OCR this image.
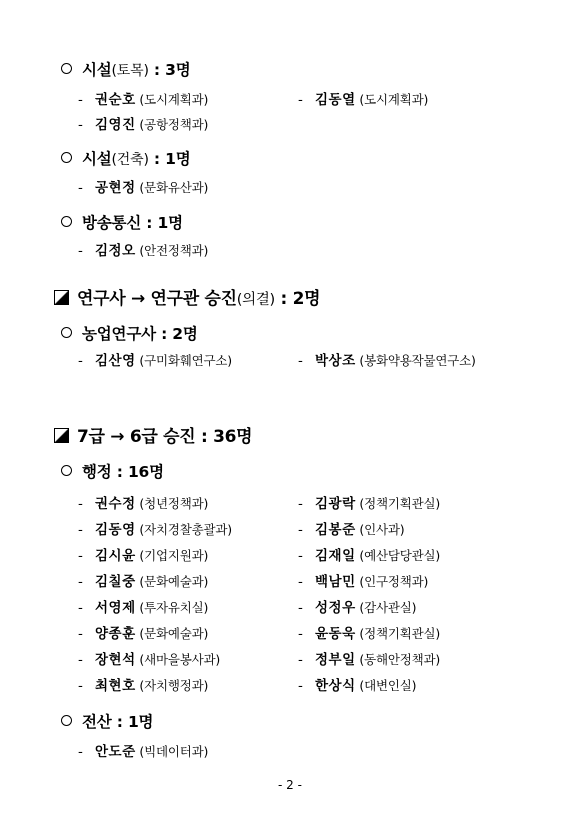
시설(토목) : 3명
- 권순호 (도시계획과)	- 김동열 (도시계획과)
- 김영진 (공항정책과)
시설(건축) : 1명
- 공현정 (문화유산과)
방송통신 : 1명
- 김정오 (안전정책과)
연구사 → 연구관 승진(의결) : 2명
농업연구사 : 2명
- 김산영 (구미화훼연구소)	- 박상조 (봉화약용작물연구소)
7급 → 6급 승진 : 36명
행정 : 16명
- 권수정 (청년정책과)	- 김광락 (정책기획관실)
- 김동영 (자치경찰총괄과)	- 김봉준 (인사과)
- 김시윤 (기업지원과)	- 김재일 (예산담당관실)
- 김칠중 (문화예술과)	- 백남민 (인구정책과)
- 서영제 (투자유치실)	- 성정우 (감사관실)
- 양종훈 (문화예술과)	- 윤동욱 (정책기획관실)
- 장현석 (새마을봉사과)	- 정부일 (동해안정책과)
- 최현호 (자치행정과)	- 한상식 (대변인실)
전산 : 1명
- 안도준 (빅데이터과)
- 2 -
